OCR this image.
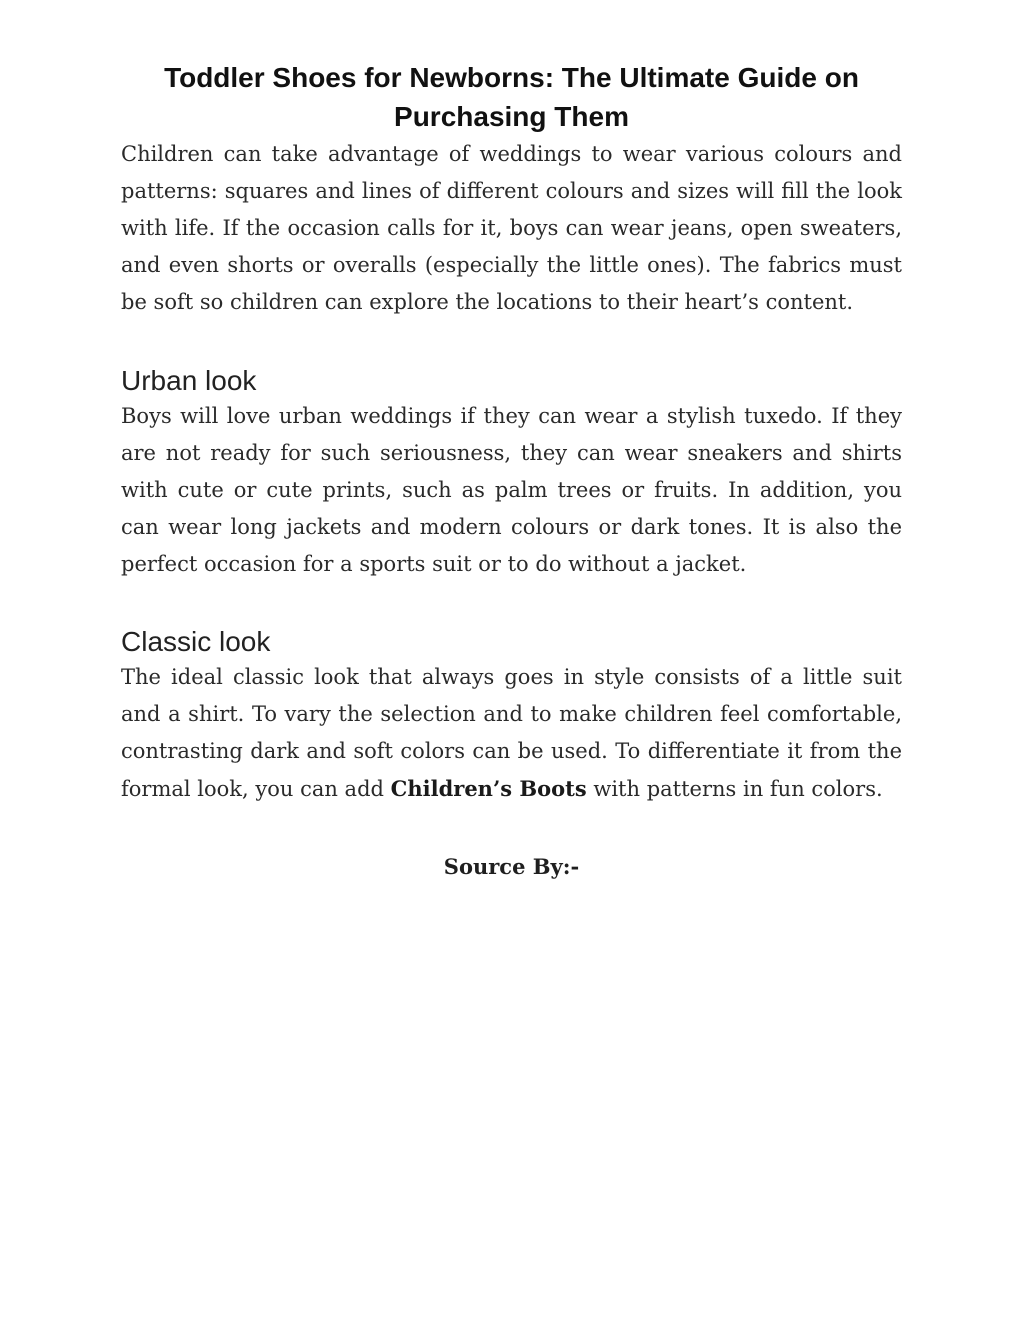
Toddler Shoes for Newborns: The Ultimate Guide on Purchasing Them

Children can take advantage of weddings to wear various colours and patterns: squares and lines of different colours and sizes will fill the look with life. If the occasion calls for it, boys can wear jeans, open sweaters, and even shorts or overalls (especially the little ones). The fabrics must be soft so children can explore the locations to their heart’s content.

Urban look

Boys will love urban weddings if they can wear a stylish tuxedo. If they are not ready for such seriousness, they can wear sneakers and shirts with cute or cute prints, such as palm trees or fruits. In addition, you can wear long jackets and modern colours or dark tones. It is also the perfect occasion for a sports suit or to do without a jacket.

Classic look

The ideal classic look that always goes in style consists of a little suit and a shirt. To vary the selection and to make children feel comfortable, contrasting dark and soft colors can be used. To differentiate it from the formal look, you can add Children’s Boots with patterns in fun colors.

Source By:-
